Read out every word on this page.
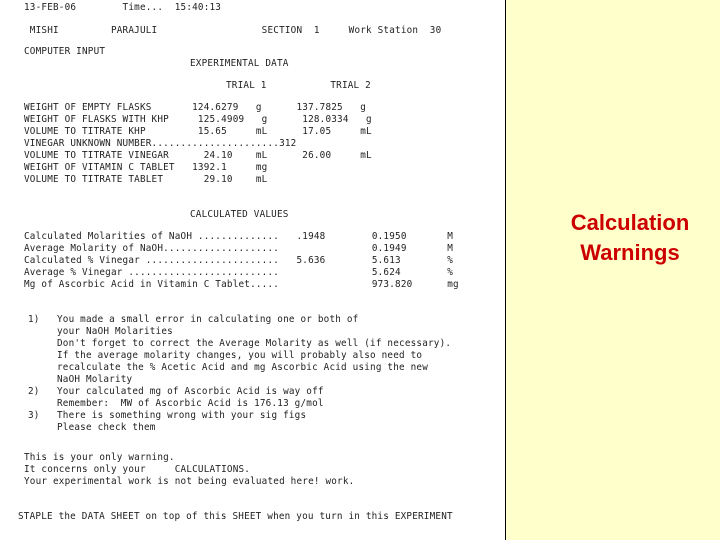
13-FEB-06        Time...  15:40:13
MISHI         PARAJULI                  SECTION  1     Work Station  30
COMPUTER INPUT
EXPERIMENTAL DATA
TRIAL 1           TRIAL 2
WEIGHT OF EMPTY FLASKS       124.6279   g      137.7825   g
WEIGHT OF FLASKS WITH KHP     125.4909   g      128.0334   g
VOLUME TO TITRATE KHP         15.65     mL      17.05     mL
VINEGAR UNKNOWN NUMBER......................312
VOLUME TO TITRATE VINEGAR      24.10    mL      26.00     mL
WEIGHT OF VITAMIN C TABLET   1392.1     mg
VOLUME TO TITRATE TABLET       29.10    mL
CALCULATED VALUES
Calculated Molarities of NaOH ..............   .1948        0.1950       M
Average Molarity of NaOH....................                0.1949       M
Calculated % Vinegar .......................   5.636        5.613        %
Average % Vinegar ..........................                5.624        %
Mg of Ascorbic Acid in Vitamin C Tablet.....                973.820      mg
1)   You made a small error in calculating one or both of
your NaOH Molarities
Don't forget to correct the Average Molarity as well (if necessary).
If the average molarity changes, you will probably also need to
recalculate the % Acetic Acid and mg Ascorbic Acid using the new
NaOH Molarity
2)   Your calculated mg of Ascorbic Acid is way off
Remember:  MW of Ascorbic Acid is 176.13 g/mol
3)   There is something wrong with your sig figs
Please check them
This is your only warning.
It concerns only your     CALCULATIONS.
Your experimental work is not being evaluated here! work.
STAPLE the DATA SHEET on top of this SHEET when you turn in this EXPERIMENT
Calculation
Warnings
